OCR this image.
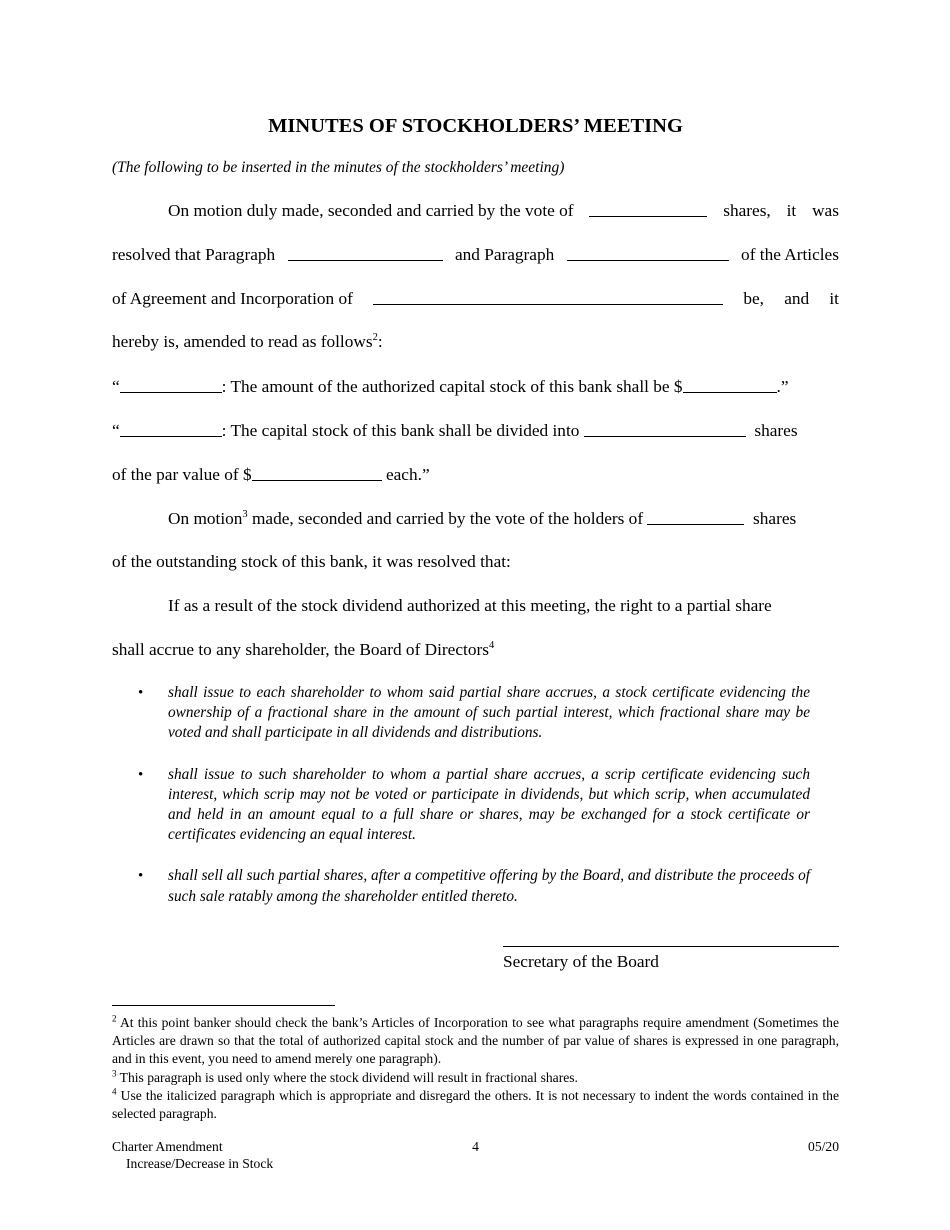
MINUTES OF STOCKHOLDERS’ MEETING
(The following to be inserted in the minutes of the stockholders’ meeting)
On motion duly made, seconded and carried by the vote of	shares, it was
resolved that Paragraph	and Paragraph	of the Articles
of Agreement and Incorporation of	be, and it
hereby is, amended to read as follows$^2$:
“	: The amount of the authorized capital stock of this bank shall be $	.”
“	: The capital stock of this bank shall be divided into	shares
of the par value of $	each.”
On motion$^3$ made, seconded and carried by the vote of the holders of	shares
of the outstanding stock of this bank, it was resolved that:
If as a result of the stock dividend authorized at this meeting, the right to a partial share
shall accrue to any shareholder, the Board of Directors$^4$
• shall issue to each shareholder to whom said partial share accrues, a stock certificate evidencing the ownership of a fractional share in the amount of such partial interest, which fractional share may be voted and shall participate in all dividends and distributions.
• shall issue to such shareholder to whom a partial share accrues, a scrip certificate evidencing such interest, which scrip may not be voted or participate in dividends, but which scrip, when accumulated and held in an amount equal to a full share or shares, may be exchanged for a stock certificate or certificates evidencing an equal interest.
• shall sell all such partial shares, after a competitive offering by the Board, and distribute the proceeds of such sale ratably among the shareholder entitled thereto.
Secretary of the Board

$^2$ At this point banker should check the bank’s Articles of Incorporation to see what paragraphs require amendment (Sometimes the Articles are drawn so that the total of authorized capital stock and the number of par value of shares is expressed in one paragraph, and in this event, you need to amend merely one paragraph).

$^3$ This paragraph is used only where the stock dividend will result in fractional shares.

$^4$ Use the italicized paragraph which is appropriate and disregard the others. It is not necessary to indent the words contained in the selected paragraph.

Charter Amendment
Increase/Decrease in Stock
4	05/20
